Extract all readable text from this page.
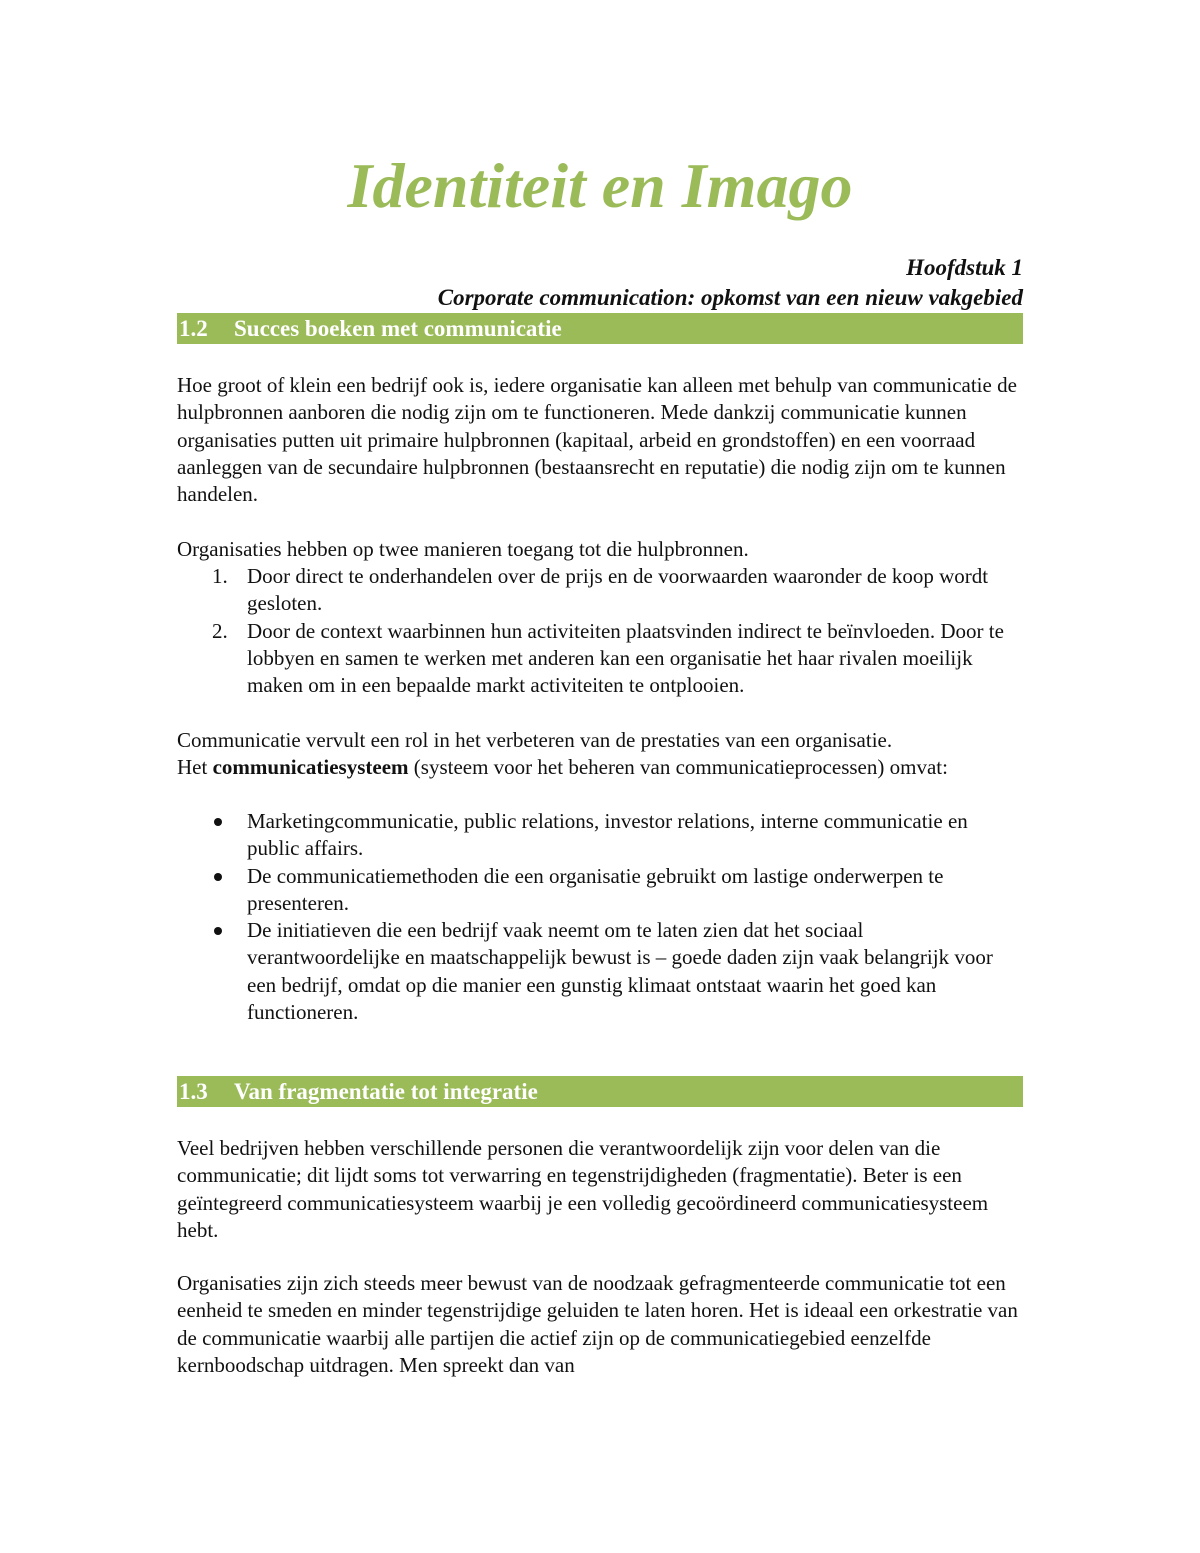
Identiteit en Imago
Hoofdstuk 1
Corporate communication: opkomst van een nieuw vakgebied
1.2 Succes boeken met communicatie

Hoe groot of klein een bedrijf ook is, iedere organisatie kan alleen met behulp van communicatie de hulpbronnen aanboren die nodig zijn om te functioneren. Mede dankzij communicatie kunnen organisaties putten uit primaire hulpbronnen (kapitaal, arbeid en grondstoffen) en een voorraad aanleggen van de secundaire hulpbronnen (bestaansrecht en reputatie) die nodig zijn om te kunnen handelen.

Organisaties hebben op twee manieren toegang tot die hulpbronnen.

1. Door direct te onderhandelen over de prijs en de voorwaarden waaronder de koop wordt gesloten.
2. Door de context waarbinnen hun activiteiten plaatsvinden indirect te beïnvloeden. Door te lobbyen en samen te werken met anderen kan een organisatie het haar rivalen moeilijk maken om in een bepaalde markt activiteiten te ontplooien.

Communicatie vervult een rol in het verbeteren van de prestaties van een organisatie.

Het communicatiesysteem (systeem voor het beheren van communicatieprocessen) omvat:

Marketingcommunicatie, public relations, investor relations, interne communicatie en public affairs.
De communicatiemethoden die een organisatie gebruikt om lastige onderwerpen te presenteren.
De initiatieven die een bedrijf vaak neemt om te laten zien dat het sociaal verantwoordelijke en maatschappelijk bewust is – goede daden zijn vaak belangrijk voor een bedrijf, omdat op die manier een gunstig klimaat ontstaat waarin het goed kan functioneren.
1.3 Van fragmentatie tot integratie

Veel bedrijven hebben verschillende personen die verantwoordelijk zijn voor delen van die communicatie; dit lijdt soms tot verwarring en tegenstrijdigheden (fragmentatie). Beter is een geïntegreerd communicatiesysteem waarbij je een volledig gecoördineerd communicatiesysteem hebt.

Organisaties zijn zich steeds meer bewust van de noodzaak gefragmenteerde communicatie tot een eenheid te smeden en minder tegenstrijdige geluiden te laten horen. Het is ideaal een orkestratie van de communicatie waarbij alle partijen die actief zijn op de communicatiegebied eenzelfde kernboodschap uitdragen. Men spreekt dan van
